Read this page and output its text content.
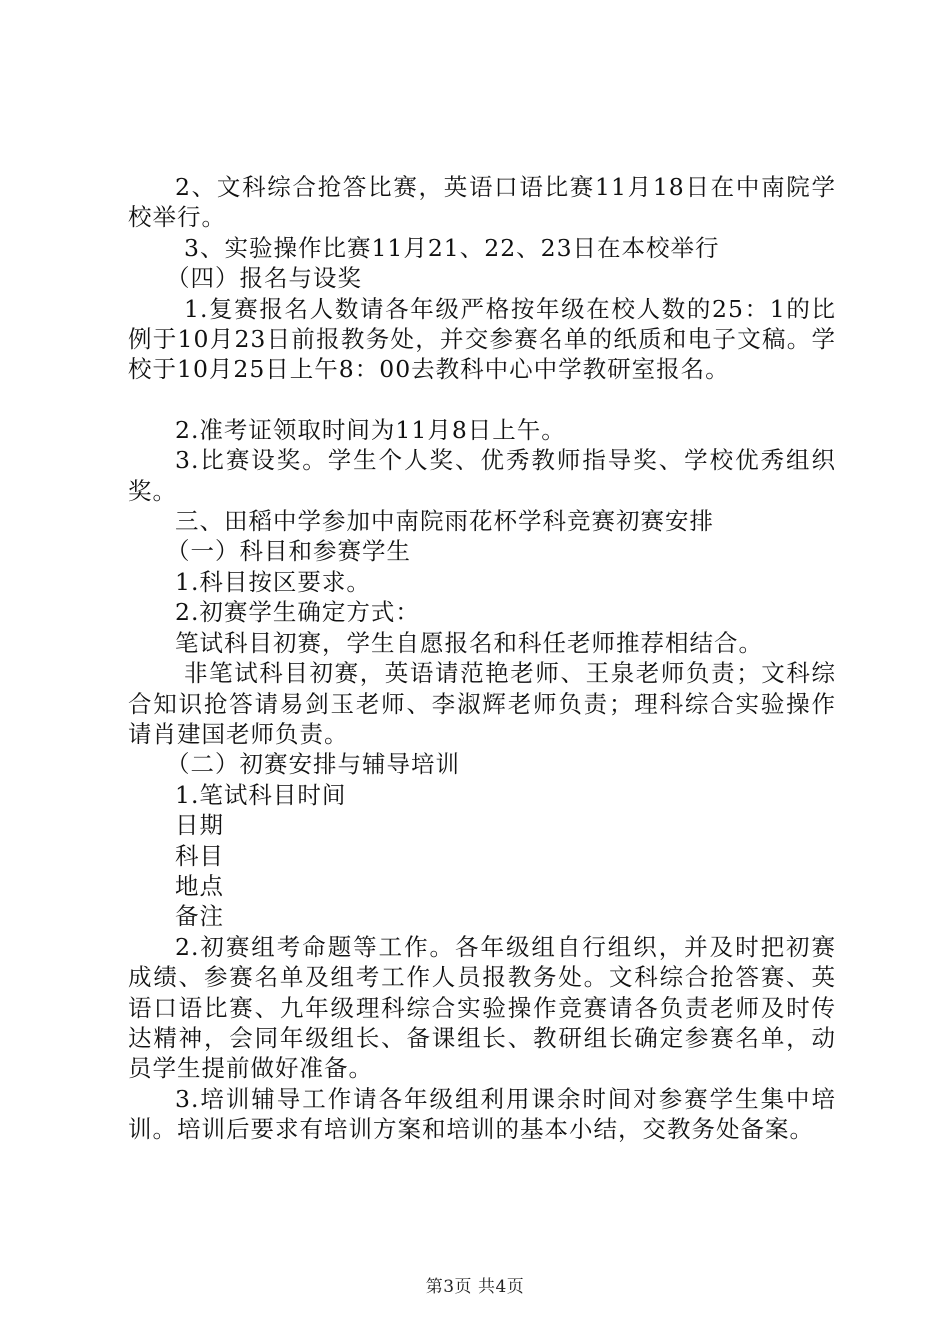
2、文科综合抢答比赛，英语口语比赛11月18日在中南院学校举行。

3、实验操作比赛11月21、22、23日在本校举行

（四）报名与设奖

1.复赛报名人数请各年级严格按年级在校人数的25：1的比例于10月23日前报教务处，并交参赛名单的纸质和电子文稿。学校于10月25日上午8：00去教科中心中学教研室报名。

2.准考证领取时间为11月8日上午。

3.比赛设奖。学生个人奖、优秀教师指导奖、学校优秀组织奖。

三、田稻中学参加中南院雨花杯学科竞赛初赛安排

（一）科目和参赛学生

1.科目按区要求。

2.初赛学生确定方式：

笔试科目初赛，学生自愿报名和科任老师推荐相结合。

非笔试科目初赛，英语请范艳老师、王泉老师负责；文科综合知识抢答请易剑玉老师、李淑辉老师负责；理科综合实验操作请肖建国老师负责。

（二）初赛安排与辅导培训

1.笔试科目时间

日期

科目

地点

备注

2.初赛组考命题等工作。各年级组自行组织，并及时把初赛成绩、参赛名单及组考工作人员报教务处。文科综合抢答赛、英语口语比赛、九年级理科综合实验操作竞赛请各负责老师及时传达精神，会同年级组长、备课组长、教研组长确定参赛名单，动员学生提前做好准备。

3.培训辅导工作请各年级组利用课余时间对参赛学生集中培训。培训后要求有培训方案和培训的基本小结，交教务处备案。

第3页 共4页
